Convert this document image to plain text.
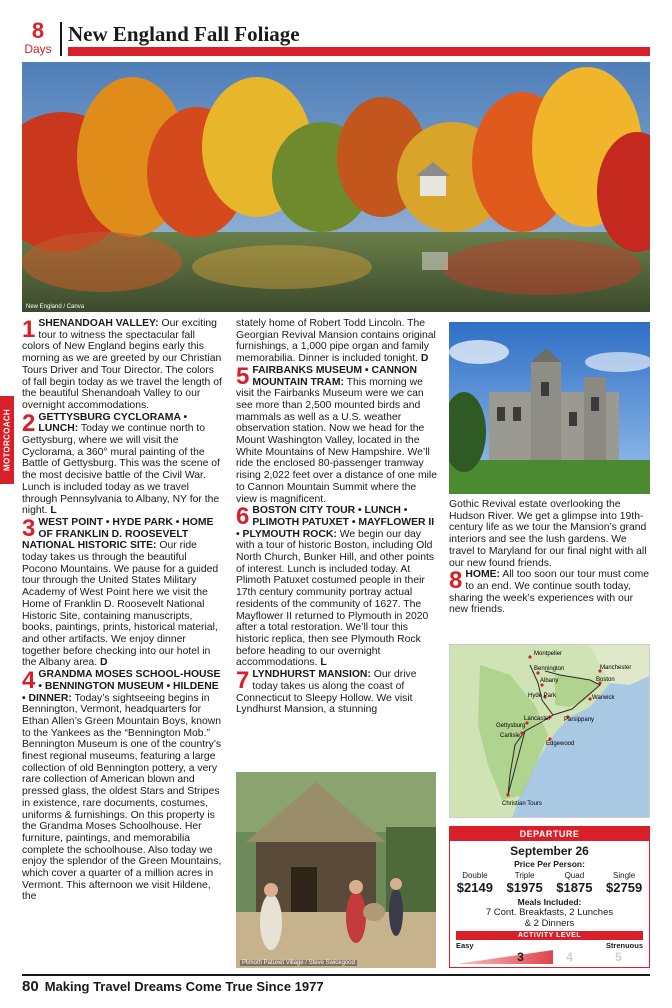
8
Days
New England Fall Foliage
New England / Canva
MOTORCOACH
1 SHENANDOAH VALLEY: Our exciting tour to witness the spectacular fall colors of New England begins early this morning as we are greeted by our Christian Tours Driver and Tour Director. The colors of fall begin today as we travel the length of the beautiful Shenandoah Valley to our overnight accommodations.
2 GETTYSBURG CYCLORAMA • LUNCH: Today we continue north to Gettysburg, where we will visit the Cyclorama, a 360° mural painting of the Battle of Gettysburg. This was the scene of the most decisive battle of the Civil War. Lunch is included today as we travel through Pennsylvania to Albany, NY for the night. L
3 WEST POINT • HYDE PARK • HOME OF FRANKLIN D. ROOSEVELT NATIONAL HISTORIC SITE: Our ride today takes us through the beautiful Pocono Mountains. We pause for a guided tour through the United States Military Academy of West Point here we visit the Home of Franklin D. Roosevelt National Historic Site, containing manuscripts, books, paintings, prints, historical material, and other artifacts. We enjoy dinner together before checking into our hotel in the Albany area. D
4 GRANDMA MOSES SCHOOL-HOUSE • BENNINGTON MUSEUM • HILDENE • DINNER: Today’s sightseeing begins in Bennington, Vermont, headquarters for Ethan Allen’s Green Mountain Boys, known to the Yankees as the “Bennington Mob.” Bennington Museum is one of the country’s finest regional museums, featuring a large collection of old Bennington pottery, a very rare collection of American blown and pressed glass, the oldest Stars and Stripes in existence, rare documents, costumes, uniforms & furnishings. On this property is the Grandma Moses Schoolhouse. Her furniture, paintings, and memorabilia complete the schoolhouse. Also today we enjoy the splendor of the Green Mountains, which cover a quarter of a million acres in Vermont. This afternoon we visit Hildene, the
stately home of Robert Todd Lincoln. The Georgian Revival Mansion contains original furnishings, a 1,000 pipe organ and family memorabilia. Dinner is included tonight. D
5 FAIRBANKS MUSEUM • CANNON MOUNTAIN TRAM: This morning we visit the Fairbanks Museum were we can see more than 2,500 mounted birds and mammals as well as a U.S. weather observation station. Now we head for the Mount Washington Valley, located in the White Mountains of New Hampshire. We’ll ride the enclosed 80-passenger tramway rising 2,022 feet over a distance of one mile to Cannon Mountain Summit where the view is magnificent.
6 BOSTON CITY TOUR • LUNCH • PLIMOTH PATUXET • MAYFLOWER II • PLYMOUTH ROCK: We begin our day with a tour of historic Boston, including Old North Church, Bunker Hill, and other points of interest. Lunch is included today. At Plimoth Patuxet costumed people in their 17th century community portray actual residents of the community of 1627. The Mayflower II returned to Plymouth in 2020 after a total restoration. We’ll tour this historic replica, then see Plymouth Rock before heading to our overnight accommodations. L
7 LYNDHURST MANSION: Our drive today takes us along the coast of Connecticut to Sleepy Hollow. We visit Lyndhurst Mansion, a stunning
Plimoth Patuxet Village / Steve Swicegood
Gothic Revival estate overlooking the Hudson River. We get a glimpse into 19th-century life as we tour the Mansion’s grand interiors and see the lush gardens. We travel to Maryland for our final night with all our new found friends.
8 HOME: All too soon our tour must come to an end. We continue south today, sharing the week’s experiences with our new friends.
Montpelier
Bennington
Albany
Hyde Park
Manchester
Boston
Warwick
Lancaster
Gettysburg
Carlisle
Parsippany
Edgewood
Christian Tours
DEPARTURE
September 26
Price Per Person:
Double
$2149
Triple
$1975
Quad
$1875
Single
$2759
Meals Included:
7 Cont. Breakfasts, 2 Lunches
& 2 Dinners
ACTIVITY LEVEL
Easy	Strenuous
3	4	5
80 Making Travel Dreams Come True Since 1977
